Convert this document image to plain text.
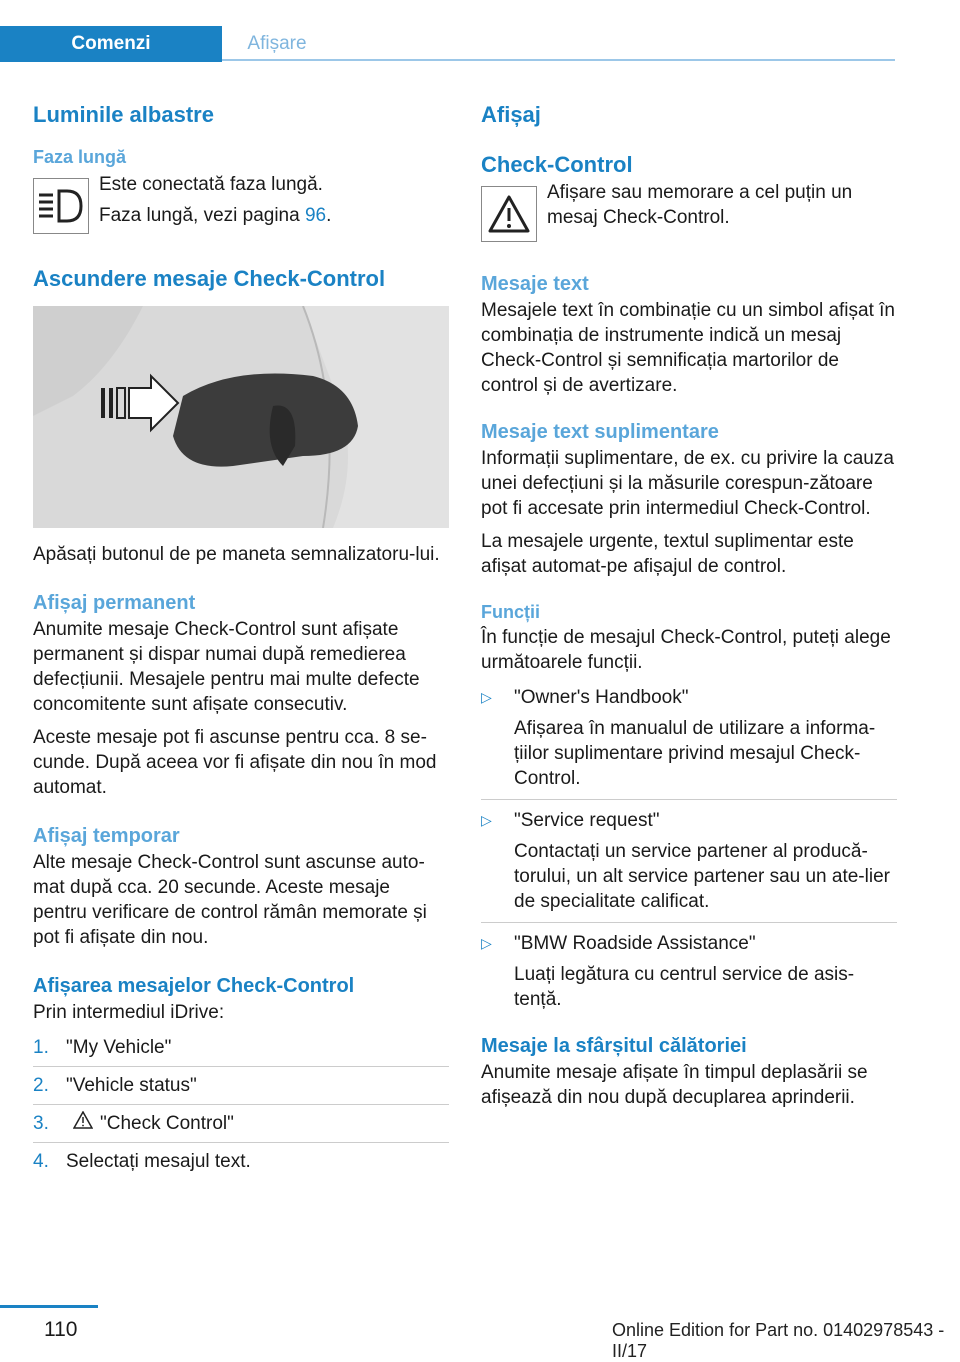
Comenzi	Afișare
Luminile albastre
Faza lungă

Este conectată faza lungă.

Faza lungă, vezi pagina 96.

Ascundere mesaje Check-Control

Apăsați butonul de pe maneta semnalizatoru-lui.

Afișaj permanent

Anumite mesaje Check-Control sunt afișate permanent și dispar numai după remedierea defecțiunii. Mesajele pentru mai multe defecte concomitente sunt afișate consecutiv.

Aceste mesaje pot fi ascunse pentru cca. 8 se-cunde. După aceea vor fi afișate din nou în mod automat.

Afișaj temporar

Alte mesaje Check-Control sunt ascunse auto-mat după cca. 20 secunde. Aceste mesaje pentru verificare de control rămân memorate și pot fi afișate din nou.

Afișarea mesajelor Check-Control

Prin intermediul iDrive:

1. "My Vehicle"
2. "Vehicle status"
3.	"Check Control"
4. Selectați mesajul text.
Afișaj
Check-Control

Afișare sau memorare a cel puțin un mesaj Check-Control.

Mesaje text

Mesajele text în combinație cu un simbol afișat în combinația de instrumente indică un mesaj Check-Control și semnificația martorilor de control și de avertizare.

Mesaje text suplimentare

Informații suplimentare, de ex. cu privire la cauza unei defecțiuni și la măsurile corespun-zătoare pot fi accesate prin intermediul Check-Control.

La mesajele urgente, textul suplimentar este afișat automat-pe afișajul de control.

Funcții

În funcție de mesajul Check-Control, puteți alege următoarele funcții.

▷	"Owner's Handbook"
Afișarea în manualul de utilizare a informa-țiilor suplimentare privind mesajul Check-Control.
▷	"Service request"
Contactați un service partener al producă-torului, un alt service partener sau un ate-lier de specialitate calificat.
▷	"BMW Roadside Assistance"
Luați legătura cu centrul service de asis-tență.
Mesaje la sfârșitul călătoriei

Anumite mesaje afișate în timpul deplasării se afișează din nou după decuplarea aprinderii.

110	Online Edition for Part no. 01402978543 - II/17
